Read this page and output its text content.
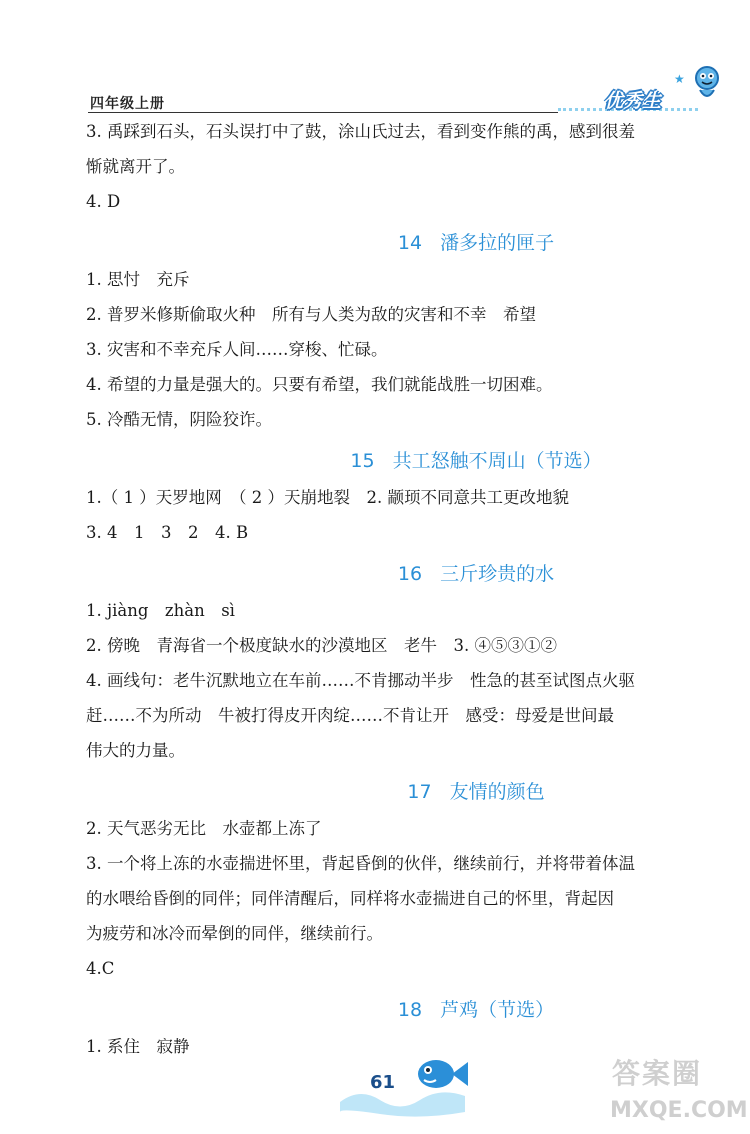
四年级上册
★
优秀生
3. 禹踩到石头，石头误打中了鼓，涂山氏过去，看到变作熊的禹，感到很羞
惭就离开了。
4. D
14 潘多拉的匣子
1. 思忖　充斥
2. 普罗米修斯偷取火种　所有与人类为敌的灾害和不幸　希望
3. 灾害和不幸充斥人间……穿梭、忙碌。
4. 希望的力量是强大的。只要有希望，我们就能战胜一切困难。
5. 冷酷无情，阴险狡诈。
15 共工怒触不周山（节选）
1.（ 1 ）天罗地网　（ 2 ）天崩地裂　2. 颛顼不同意共工更改地貌
3. 4　1　3　2　4. B
16 三斤珍贵的水
1. jiàng　zhàn　sì
2. 傍晚　青海省一个极度缺水的沙漠地区　老牛　3. ④⑤③①②
4. 画线句：老牛沉默地立在车前……不肯挪动半步　性急的甚至试图点火驱
赶……不为所动　牛被打得皮开肉绽……不肯让开　感受：母爱是世间最
伟大的力量。
17 友情的颜色
2. 天气恶劣无比　水壶都上冻了
3. 一个将上冻的水壶揣进怀里，背起昏倒的伙伴，继续前行，并将带着体温
的水喂给昏倒的同伴；同伴清醒后，同样将水壶揣进自己的怀里，背起因
为疲劳和冰冷而晕倒的同伴，继续前行。
4.C
18 芦鸡（节选）
1. 系住　寂静
61	答案圈
MXQE.COM
